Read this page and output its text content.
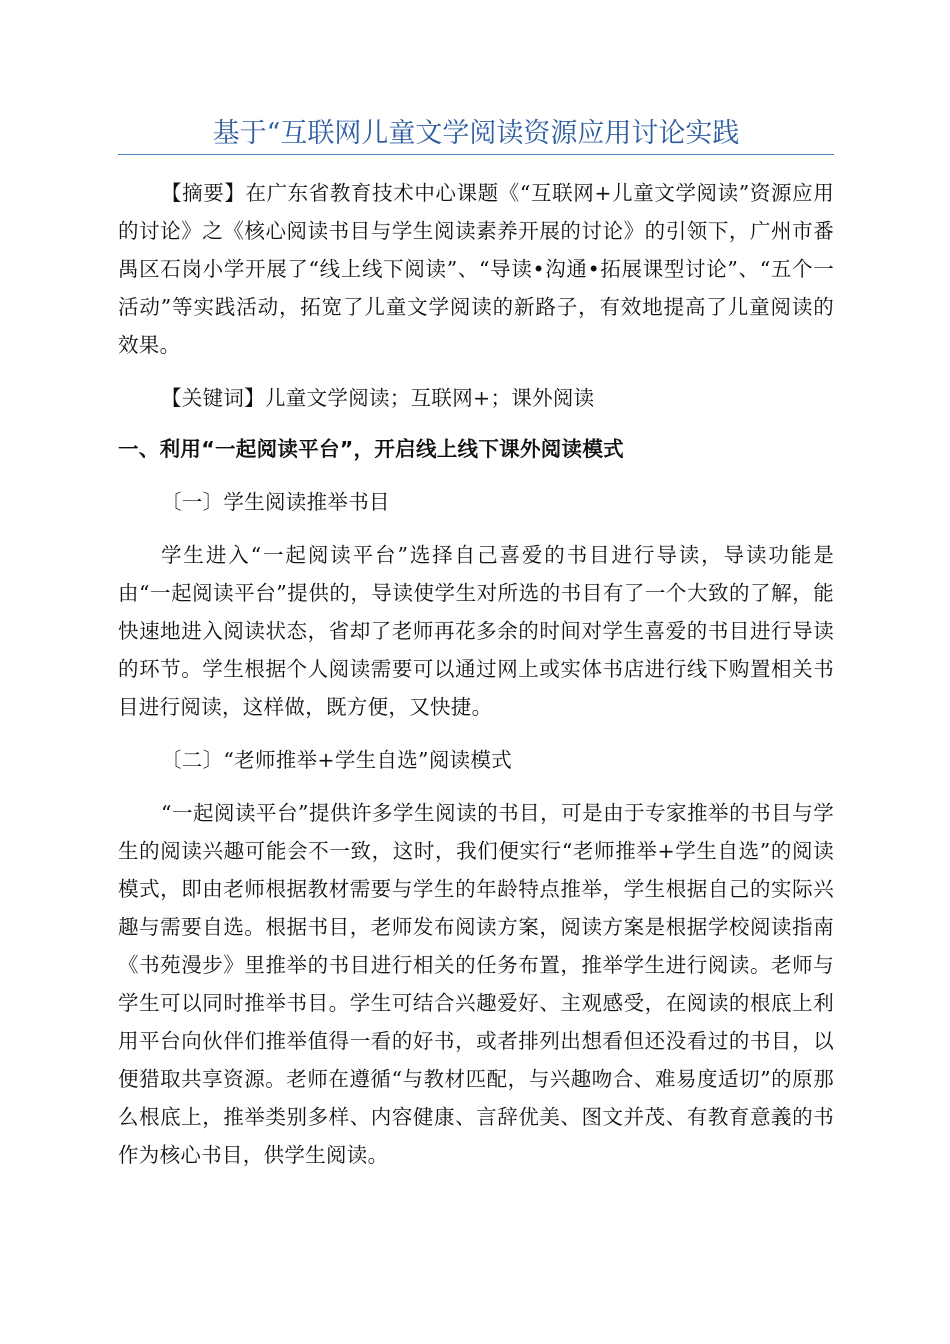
基于“互联网儿童文学阅读资源应用讨论实践

【摘要】在广东省教育技术中心课题《“互联网+儿童文学阅读”资源应用的讨论》之《核心阅读书目与学生阅读素养开展的讨论》的引领下，广州市番禺区石岗小学开展了“线上线下阅读”、“导读•沟通•拓展课型讨论”、“五个一活动”等实践活动，拓宽了儿童文学阅读的新路子，有效地提高了儿童阅读的效果。

【关键词】儿童文学阅读；互联网+；课外阅读

一、利用“一起阅读平台”，开启线上线下课外阅读模式

〔一〕学生阅读推举书目

学生进入“一起阅读平台”选择自己喜爱的书目进行导读，导读功能是由“一起阅读平台”提供的，导读使学生对所选的书目有了一个大致的了解，能快速地进入阅读状态，省却了老师再花多余的时间对学生喜爱的书目进行导读的环节。学生根据个人阅读需要可以通过网上或实体书店进行线下购置相关书目进行阅读，这样做，既方便，又快捷。

〔二〕“老师推举+学生自选”阅读模式

“一起阅读平台”提供许多学生阅读的书目，可是由于专家推举的书目与学生的阅读兴趣可能会不一致，这时，我们便实行“老师推举+学生自选”的阅读模式，即由老师根据教材需要与学生的年龄特点推举，学生根据自己的实际兴趣与需要自选。根据书目，老师发布阅读方案，阅读方案是根据学校阅读指南《书苑漫步》里推举的书目进行相关的任务布置，推举学生进行阅读。老师与学生可以同时推举书目。学生可结合兴趣爱好、主观感受，在阅读的根底上利用平台向伙伴们推举值得一看的好书，或者排列出想看但还没看过的书目，以便猎取共享资源。老师在遵循“与教材匹配，与兴趣吻合、难易度适切”的原那么根底上，推举类别多样、内容健康、言辞优美、图文并茂、有教育意義的书作为核心书目，供学生阅读。
